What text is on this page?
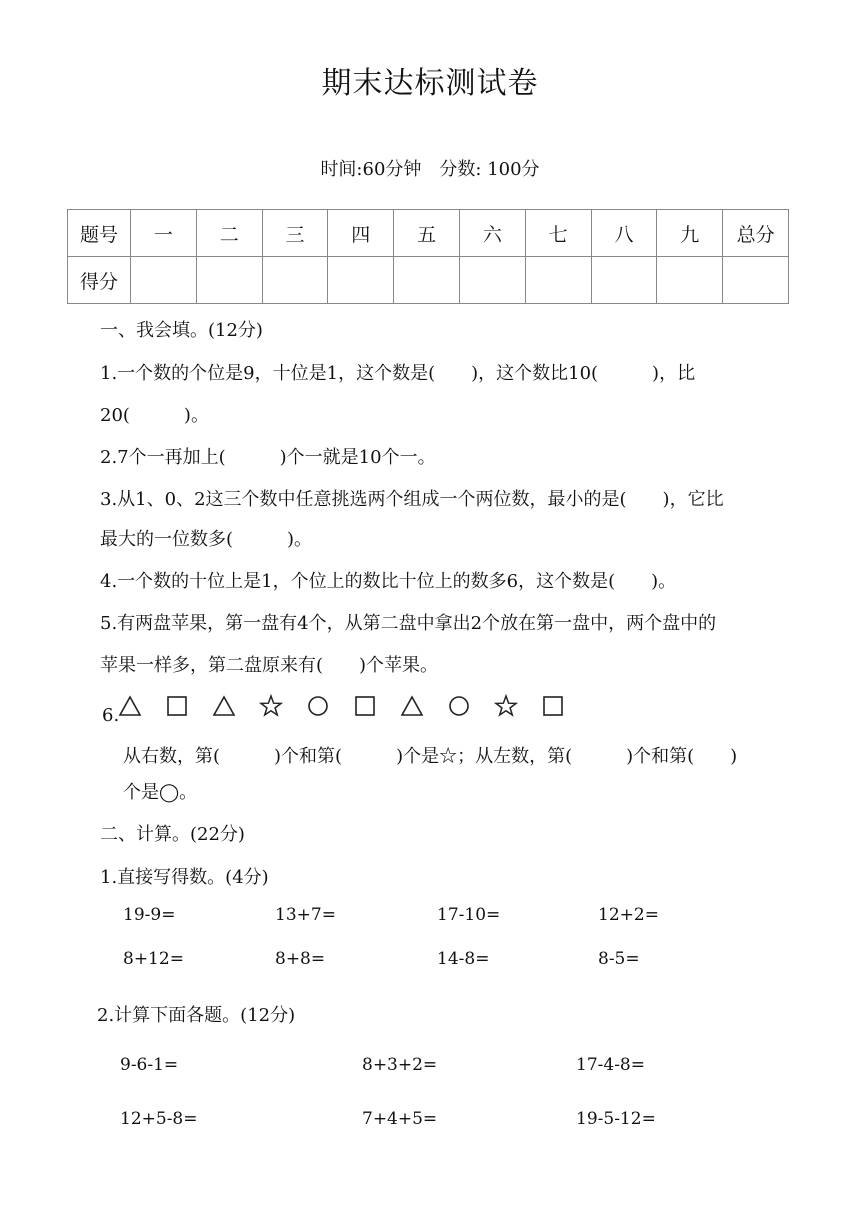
期末达标测试卷
时间:60分钟　分数: 100分
题号	一	二	三	四	五	六	七	八	九	总分
得分										
一、我会填。(12分)
1.一个数的个位是9，十位是1，这个数是(　　)，这个数比10(　　　)，比
20(　　　)。
2.7个一再加上(　　　)个一就是10个一。
3.从1、0、2这三个数中任意挑选两个组成一个两位数，最小的是(　　)，它比
最大的一位数多(　　　)。
4.一个数的十位上是1，个位上的数比十位上的数多6，这个数是(　　)。
5.有两盘苹果，第一盘有4个，从第二盘中拿出2个放在第一盘中，两个盘中的
苹果一样多，第二盘原来有(　　)个苹果。
6.
从右数，第(　　　)个和第(　　　)个是☆；从左数，第(　　　)个和第(　　)
个是◯。
二、计算。(22分)
1.直接写得数。(4分)
19-9=	13+7=	17-10=	12+2=
8+12=	8+8=	14-8=	8-5=
2.计算下面各题。(12分)
9-6-1=	8+3+2=	17-4-8=
12+5-8=	7+4+5=	19-5-12=
